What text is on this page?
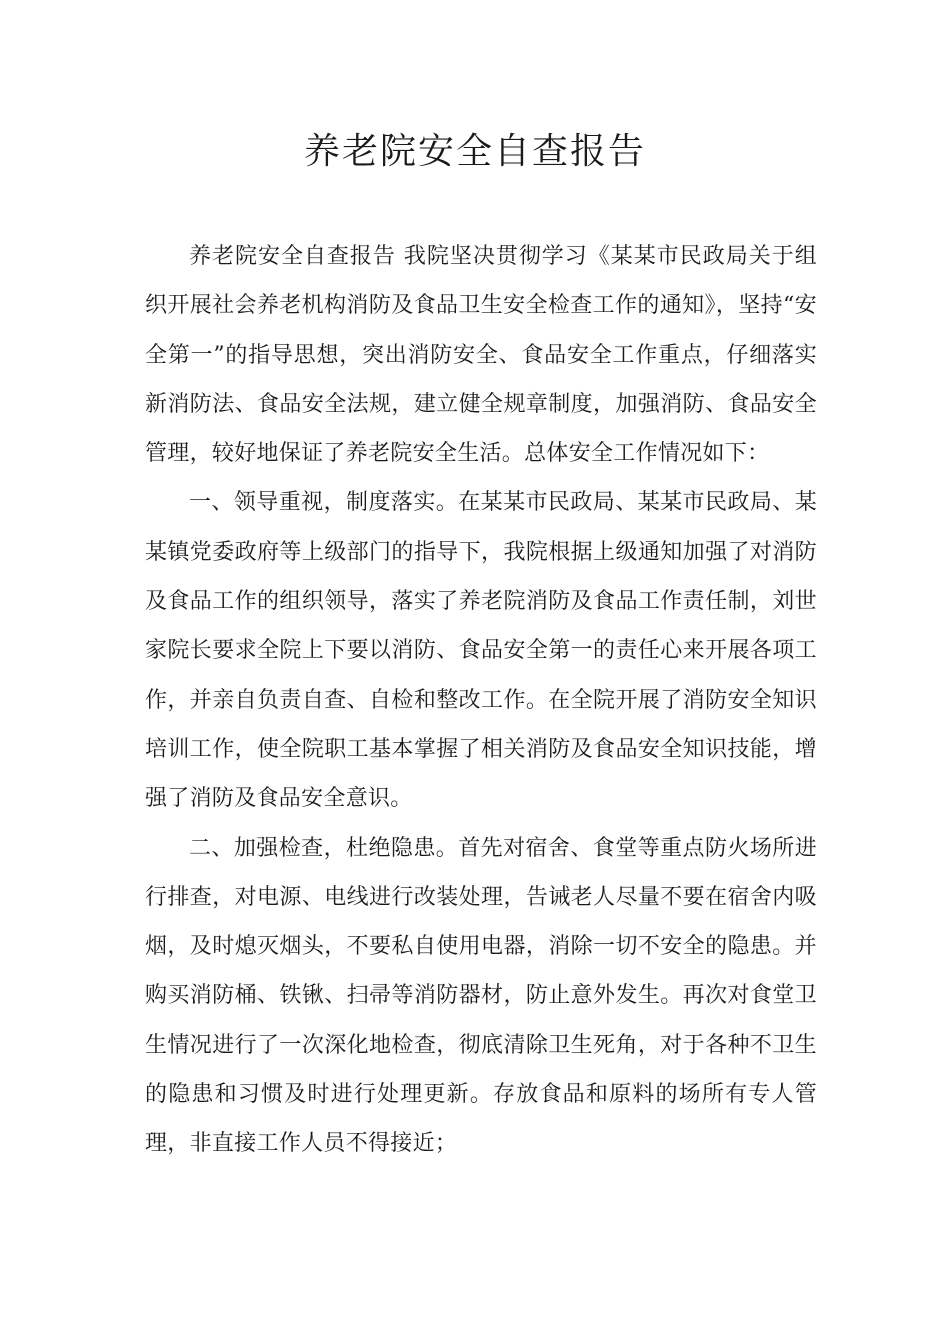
养老院安全自查报告

养老院安全自查报告 我院坚决贯彻学习《某某市民政局关于组织开展社会养老机构消防及食品卫生安全检查工作的通知》，坚持“安全第一”的指导思想，突出消防安全、食品安全工作重点，仔细落实新消防法、食品安全法规，建立健全规章制度，加强消防、食品安全管理，较好地保证了养老院安全生活。总体安全工作情况如下：

一、领导重视，制度落实。在某某市民政局、某某市民政局、某某镇党委政府等上级部门的指导下，我院根据上级通知加强了对消防及食品工作的组织领导，落实了养老院消防及食品工作责任制，刘世家院长要求全院上下要以消防、食品安全第一的责任心来开展各项工作，并亲自负责自查、自检和整改工作。在全院开展了消防安全知识培训工作，使全院职工基本掌握了相关消防及食品安全知识技能，增强了消防及食品安全意识。

二、加强检查，杜绝隐患。首先对宿舍、食堂等重点防火场所进行排查，对电源、电线进行改装处理，告诫老人尽量不要在宿舍内吸烟，及时熄灭烟头，不要私自使用电器，消除一切不安全的隐患。并购买消防桶、铁锹、扫帚等消防器材，防止意外发生。再次对食堂卫生情况进行了一次深化地检查，彻底清除卫生死角，对于各种不卫生的隐患和习惯及时进行处理更新。存放食品和原料的场所有专人管理，非直接工作人员不得接近；
